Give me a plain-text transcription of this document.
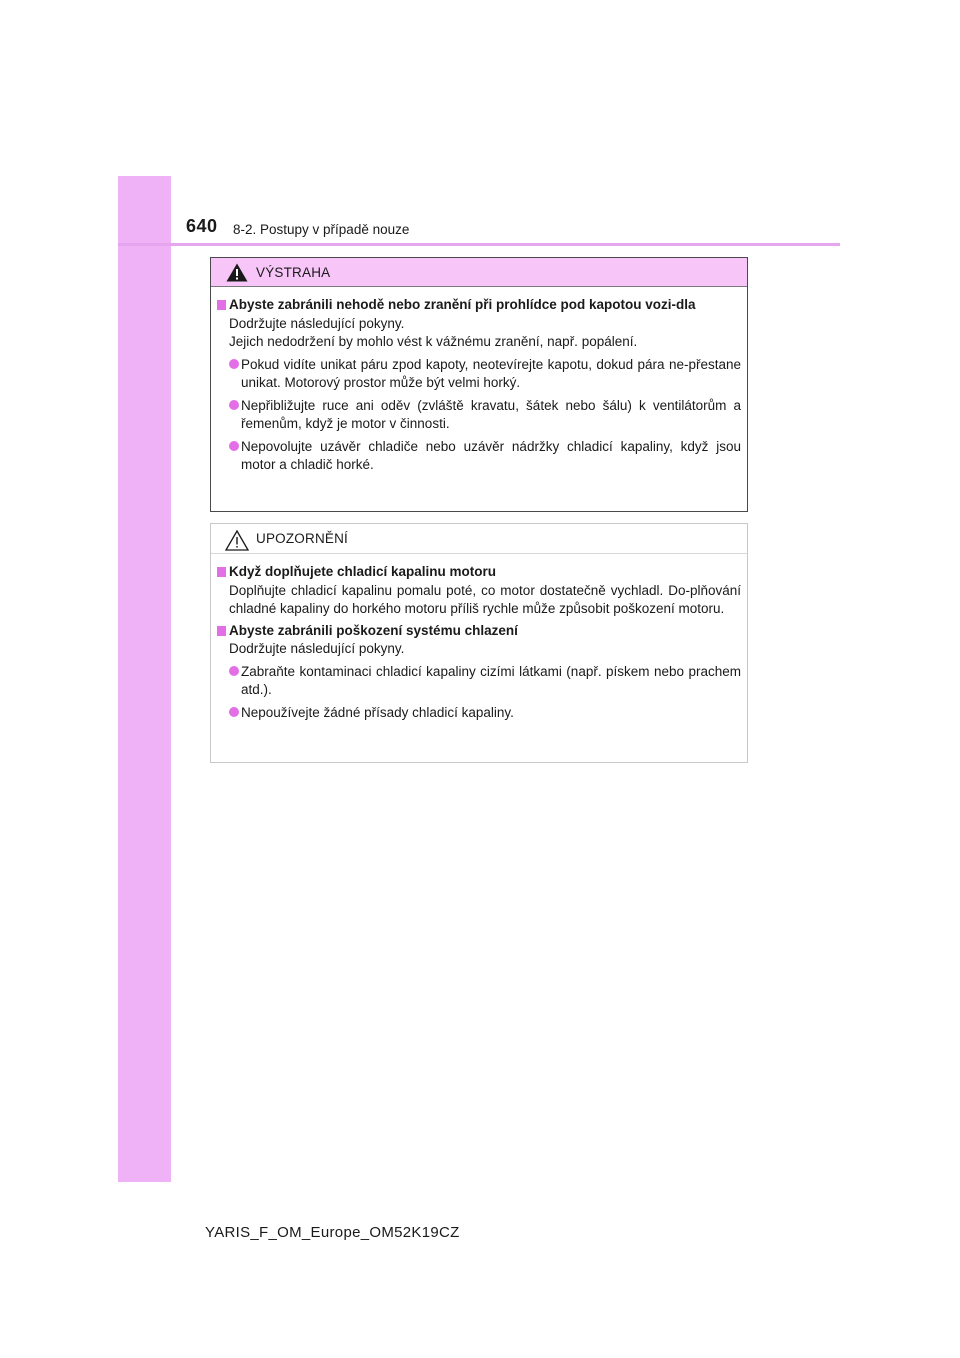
640 8-2. Postupy v případě nouze
VÝSTRAHA
Abyste zabránili nehodě nebo zranění při prohlídce pod kapotou vozi-dla
Dodržujte následující pokyny.
Jejich nedodržení by mohlo vést k vážnému zranění, např. popálení.
Pokud vidíte unikat páru zpod kapoty, neotevírejte kapotu, dokud pára ne-přestane unikat. Motorový prostor může být velmi horký.
Nepřibližujte ruce ani oděv (zvláště kravatu, šátek nebo šálu) k ventilátorům a řemenům, když je motor v činnosti.
Nepovolujte uzávěr chladiče nebo uzávěr nádržky chladicí kapaliny, když jsou motor a chladič horké.
UPOZORNĚNÍ
Když doplňujete chladicí kapalinu motoru
Doplňujte chladicí kapalinu pomalu poté, co motor dostatečně vychladl. Do-plňování chladné kapaliny do horkého motoru příliš rychle může způsobit poškození motoru.
Abyste zabránili poškození systému chlazení
Dodržujte následující pokyny.
Zabraňte kontaminaci chladicí kapaliny cizími látkami (např. pískem nebo prachem atd.).
Nepoužívejte žádné přísady chladicí kapaliny.
YARIS_F_OM_Europe_OM52K19CZ
